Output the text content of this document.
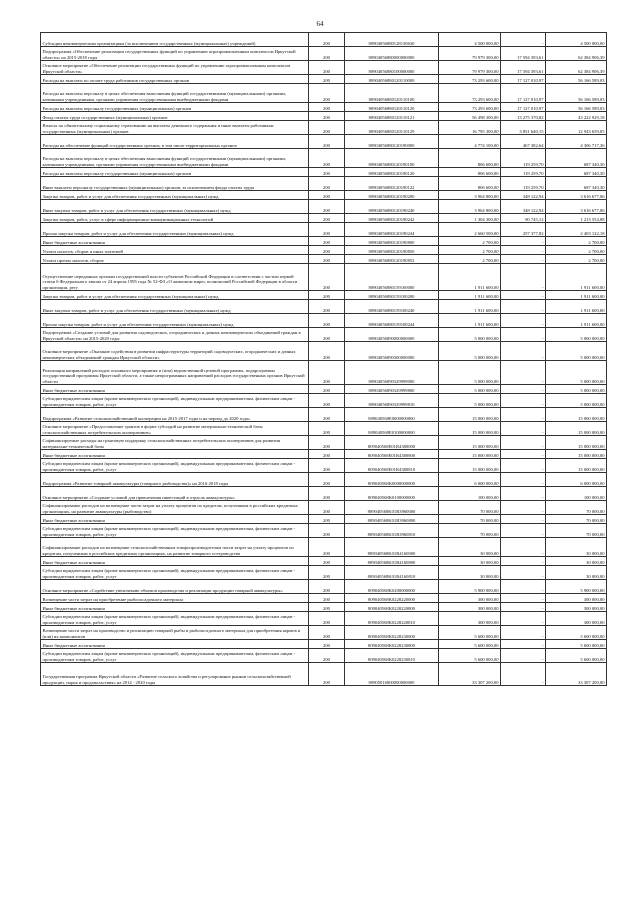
64
Субсидии некоммерческим организациям (за исключением государственных (муниципальных) учреждений)	200	80904056880128130630	4 500 000,00	-	4 500 000,00
Подпрограмма «Обеспечение реализации государственных функций по управлению агропромышленным комплексом Иркутской области» на 2015-2018 годы	200	80904056880000000000	79 979 300,00	17 594 393,61	62 384 906,39
Основное мероприятие «Обеспечение реализации государственных функций по управлению агропромышленным комплексом Иркутской области»	200	80904056880100000000	79 979 300,00	17 594 393,61	62 384 906,39
Расходы на выплаты по оплате труда работников государственных органов	200	80904056880120110000	73 293 600,00	17 127 010,97	56 166 589,03
Расходы на выплаты персоналу в целях обеспечения выполнения функций государственными (муниципальными) органами, казенными учреждениями, органами управления государственными внебюджетными фондами	200	80904056880120110100	73 293 600,00	17 127 010,97	56 166 589,03
Расходы на выплаты персоналу государственных (муниципальных) органов	200	80904056880120110120	73 293 600,00	17 127 010,97	56 166 589,03
Фонд оплаты труда государственных (муниципальных) органов	200	80904056880120110121	56 498 300,00	13 275 370,82	43 222 929,18
Взносы по обязательному социальному страхованию на выплаты денежного содержания и иные выплаты работникам государственных (муниципальных) органов	200	80904056880120110129	16 795 300,00	3 851 640,15	12 943 659,85
Расходы на обеспечение функций государственных органов, в том числе территориальных органов	200	80904056880120190000	4 774 100,00	467 382,64	4 306 717,36
Расходы на выплаты персоналу в целях обеспечения выполнения функций государственными (муниципальными) органами, казенными учреждениями, органами управления государственными внебюджетными фондами	200	80904056880120190100	806 600,00	119 259,70	687 340,30
Расходы на выплаты персоналу государственных (муниципальных) органов	200	80904056880120190120	806 600,00	119 259,70	687 340,30
Иные выплаты персоналу государственных (муниципальных) органов, за исключением фонда оплаты труда	200	80904056880120190122	806 600,00	119 259,70	687 340,30
Закупка товаров, работ и услуг для обеспечения государственных (муниципальных) нужд	200	80904056880120190200	3 964 800,00	348 122,94	3 616 677,06
Иные закупки товаров, работ и услуг для обеспечения государственных (муниципальных) нужд	200	80904056880120190240	3 964 800,00	348 122,94	3 616 677,06
Закупка товаров, работ, услуг в сфере информационно-коммуникационных технологий	200	80904056880120190242	1 304 300,00	90 745,12	1 213 554,88
Прочая закупка товаров, работ и услуг для обеспечения государственных (муниципальных) нужд	200	80904056880120190244	2 660 500,00	257 377,82	2 403 122,18
Иные бюджетные ассигнования	200	80904056880120190800	2 700,00	-	2 700,00
Уплата налогов, сборов и иных платежей	200	80904056880120190850	2 700,00	-	2 700,00
Уплата прочих налогов, сборов	200	80904056880120190852	2 700,00	-	2 700,00
Осуществление переданных органам государственной власти субъектов Российской Федерации в соответствии с частью первой статьи 6 Федерального закона от 24 апреля 1995 года № 52-ФЗ «О животном мире» полномочий Российской Федерации в области организации, регу	200	80904056880159100000	1 911 600,00	-	1 911 600,00
Закупка товаров, работ и услуг для обеспечения государственных (муниципальных) нужд	200	80904056880159100200	1 911 600,00	-	1 911 600,00
Иные закупки товаров, работ и услуг для обеспечения государственных (муниципальных) нужд	200	80904056880159100240	1 911 600,00	-	1 911 600,00
Прочая закупка товаров, работ и услуг для обеспечения государственных (муниципальных) нужд	200	80904056880159100244	1 911 600,00	-	1 911 600,00
Подпрограмма «Создание условий для развития садоводческих, огороднических и дачных некоммерческих объединений граждан в Иркутской области» на 2015-2020 годы	200	80904056890000000000	5 000 000,00	-	5 000 000,00
Основное мероприятие «Оказание содействия в развитии инфраструктуры территорий садоводческих, огороднических и дачных некоммерческих объединений граждан Иркутской области»	200	80904056890300000000	5 000 000,00	-	5 000 000,00
Реализация направлений расходов основного мероприятия и (или) ведомственной целевой программы, подпрограммы государственной программы Иркутской области, а также непрограммных направлений расходов государственных органов Иркутской области	200	80904056890329999000	5 000 000,00	-	5 000 000,00
Иные бюджетные ассигнования	200	80904056890329999800	5 000 000,00	-	5 000 000,00
Субсидии юридическим лицам (кроме некоммерческих организаций), индивидуальным предпринимателям, физическим лицам - производителям товаров, работ, услуг	200	80904056890329999810	5 000 000,00	-	5 000 000,00
Подпрограмма «Развитие сельскохозяйственной кооперации на 2015-2017 годы и на период до 2020 года»	200	809040568E0000000000	15 000 000,00	-	15 000 000,00
Основное мероприятие «Предоставление грантов в форме субсидий на развитие материально-технической базы сельскохозяйственных потребительских кооперативов»	200	809040568E0100000000	15 000 000,00	-	15 000 000,00
Софинансируемые расходы на грантовую поддержку сельскохозяйственных потребительских кооперативов для развития материально-технической базы	200	809040568E01R4380000	15 000 000,00	-	15 000 000,00
Иные бюджетные ассигнования	200	809040568E01R4380800	15 000 000,00	-	15 000 000,00
Субсидии юридическим лицам (кроме некоммерческих организаций), индивидуальным предпринимателям, физическим лицам - производителям товаров, работ, услуг	200	809040568E01R4380810	15 000 000,00	-	15 000 000,00
Подпрограмма «Развитие товарной аквакультуры (товарного рыбоводства)» на 2016-2018 годы	200	809040568K0000000000	6 000 000,00	-	6 000 000,00
Основное мероприятие «Создание условий для привлечения инвестиций в отрасль аквакультуры»	200	809040568K0100000000	100 000,00	-	100 000,00
Софинансирование расходов на возмещение части затрат на уплату процентов по кредитам, полученным в российских кредитных организациях, на развитие аквакультуры (рыбоводство)	200	809040568K01R3960000	70 000,00	-	70 000,00
Иные бюджетные ассигнования	200	809040568K01R3960800	70 000,00	-	70 000,00
Субсидии юридическим лицам (кроме некоммерческих организаций), индивидуальным предпринимателям, физическим лицам - производителям товаров, работ, услуг	200	809040568K01R3960810	70 000,00	-	70 000,00
Софинансирование расходов на возмещение сельскохозяйственным товаропроизводителям части затрат на уплату процентов по кредитам, полученным в российских кредитных организациях, на развитие товарного осетроводства	200	809040568K01R4160000	30 000,00	-	30 000,00
Иные бюджетные ассигнования	200	809040568K01R4160800	30 000,00	-	30 000,00
Субсидии юридическим лицам (кроме некоммерческих организаций), индивидуальным предпринимателям, физическим лицам - производителям товаров, работ, услуг	200	809040568K01R4160810	30 000,00	-	30 000,00
Основное мероприятие «Содействие увеличению объемов производства и реализации продукции товарной аквакультуры»	200	809040568K0200000000	5 900 000,00	-	5 900 000,00
Возмещение части затрат на приобретение рыбопосадочного материала	200	809040568K0228220000	300 000,00	-	300 000,00
Иные бюджетные ассигнования	200	809040568K0228220800	300 000,00	-	300 000,00
Субсидии юридическим лицам (кроме некоммерческих организаций), индивидуальным предпринимателям, физическим лицам - производителям товаров, работ, услуг	200	809040568K0228220810	300 000,00	-	300 000,00
Возмещение части затрат на производство и реализацию товарной рыбы и рыбопосадочного материала для приобретения кормов и (или) их компонентов	200	809040568K0228230000	5 600 000,00	-	5 600 000,00
Иные бюджетные ассигнования	200	809040568K0228230800	5 600 000,00	-	5 600 000,00
Субсидии юридическим лицам (кроме некоммерческих организаций), индивидуальным предпринимателям, физическим лицам - производителям товаров, работ, услуг	200	809040568K0228230810	5 600 000,00	-	5 600 000,00
Государственная программа Иркутской области «Развитие сельского хозяйства и регулирование рынков сельскохозяйственной продукции, сырья и продовольствия» на 2014 - 2020 годы	200	80905016800000000000	33 307 200,00	-	33 307 200,00
